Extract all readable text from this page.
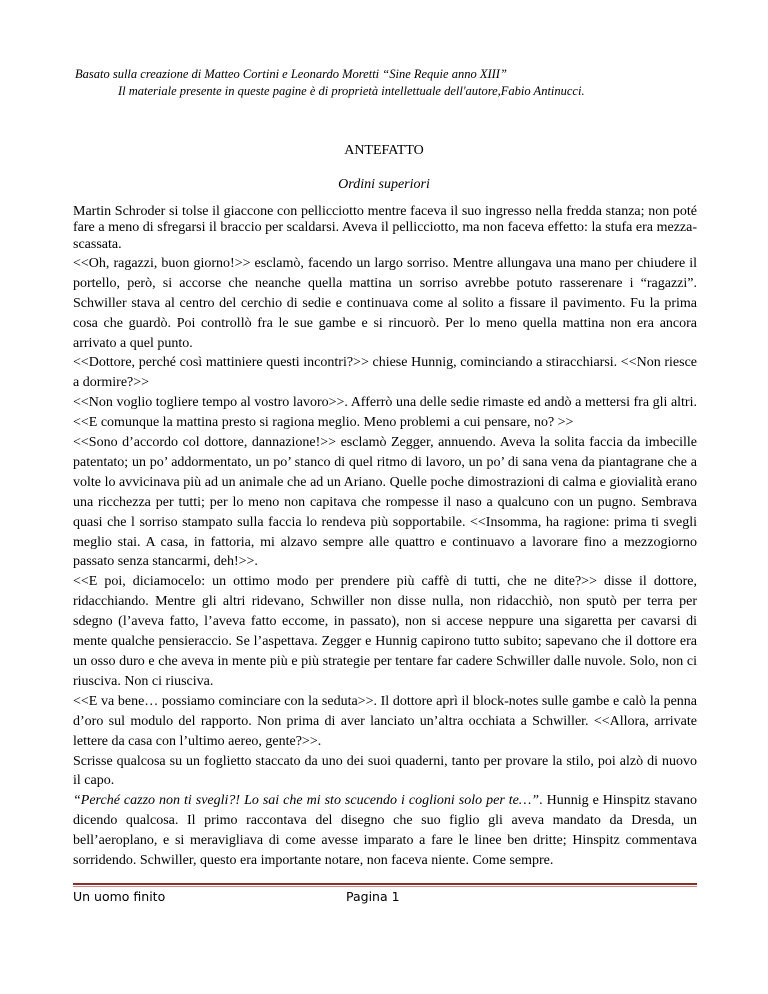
Basato sulla creazione di Matteo Cortini e Leonardo Moretti “Sine Requie anno XIII”
Il materiale presente in queste pagine è di proprietà intellettuale dell'autore,Fabio Antinucci.
ANTEFATTO
Ordini superiori

Martin Schroder si tolse il giaccone con pellicciotto mentre faceva il suo ingresso nella fredda stanza; non poté fare a meno di sfregarsi il braccio per scaldarsi. Aveva il pellicciotto, ma non faceva effetto: la stufa era mezza-scassata.

<<Oh, ragazzi, buon giorno!>> esclamò, facendo un largo sorriso. Mentre allungava una mano per chiudere il portello, però, si accorse che neanche quella mattina un sorriso avrebbe potuto rasserenare i “ragazzi”. Schwiller stava al centro del cerchio di sedie e continuava come al solito a fissare il pavimento. Fu la prima cosa che guardò. Poi controllò fra le sue gambe e si rincuorò. Per lo meno quella mattina non era ancora arrivato a quel punto.

<<Dottore, perché così mattiniere questi incontri?>> chiese Hunnig, cominciando a stiracchiarsi. <<Non riesce a dormire?>>

<<Non voglio togliere tempo al vostro lavoro>>. Afferrò una delle sedie rimaste ed andò a mettersi fra gli altri. <<E comunque la mattina presto si ragiona meglio. Meno problemi a cui pensare, no? >>

<<Sono d’accordo col dottore, dannazione!>> esclamò Zegger, annuendo. Aveva la solita faccia da imbecille patentato; un po’ addormentato, un po’ stanco di quel ritmo di lavoro, un po’ di sana vena da piantagrane che a volte lo avvicinava più ad un animale che ad un Ariano. Quelle poche dimostrazioni di calma e giovialità erano una ricchezza per tutti; per lo meno non capitava che rompesse il naso a qualcuno con un pugno. Sembrava quasi che l sorriso stampato sulla faccia lo rendeva più sopportabile. <<Insomma, ha ragione: prima ti svegli meglio stai. A casa, in fattoria, mi alzavo sempre alle quattro e continuavo a lavorare fino a mezzogiorno passato senza stancarmi, deh!>>.

<<E poi, diciamocelo: un ottimo modo per prendere più caffè di tutti, che ne dite?>> disse il dottore, ridacchiando. Mentre gli altri ridevano, Schwiller non disse nulla, non ridacchiò, non sputò per terra per sdegno (l’aveva fatto, l’aveva fatto eccome, in passato), non si accese neppure una sigaretta per cavarsi di mente qualche pensieraccio. Se l’aspettava. Zegger e Hunnig capirono tutto subito; sapevano che il dottore era un osso duro e che aveva in mente più e più strategie per tentare far cadere Schwiller dalle nuvole. Solo, non ci riusciva. Non ci riusciva.

<<E va bene… possiamo cominciare con la seduta>>. Il dottore aprì il block-notes sulle gambe e calò la penna d’oro sul modulo del rapporto. Non prima di aver lanciato un’altra occhiata a Schwiller. <<Allora, arrivate lettere da casa con l’ultimo aereo, gente?>>.

Scrisse qualcosa su un foglietto staccato da uno dei suoi quaderni, tanto per provare la stilo, poi alzò di nuovo il capo.

“Perché cazzo non ti svegli?! Lo sai che mi sto scucendo i coglioni solo per te…”. Hunnig e Hinspitz stavano dicendo qualcosa. Il primo raccontava del disegno che suo figlio gli aveva mandato da Dresda, un bell’aeroplano, e si meravigliava di come avesse imparato a fare le linee ben dritte; Hinspitz commentava sorridendo. Schwiller, questo era importante notare, non faceva niente. Come sempre.

Un uomo finito	Pagina 1
